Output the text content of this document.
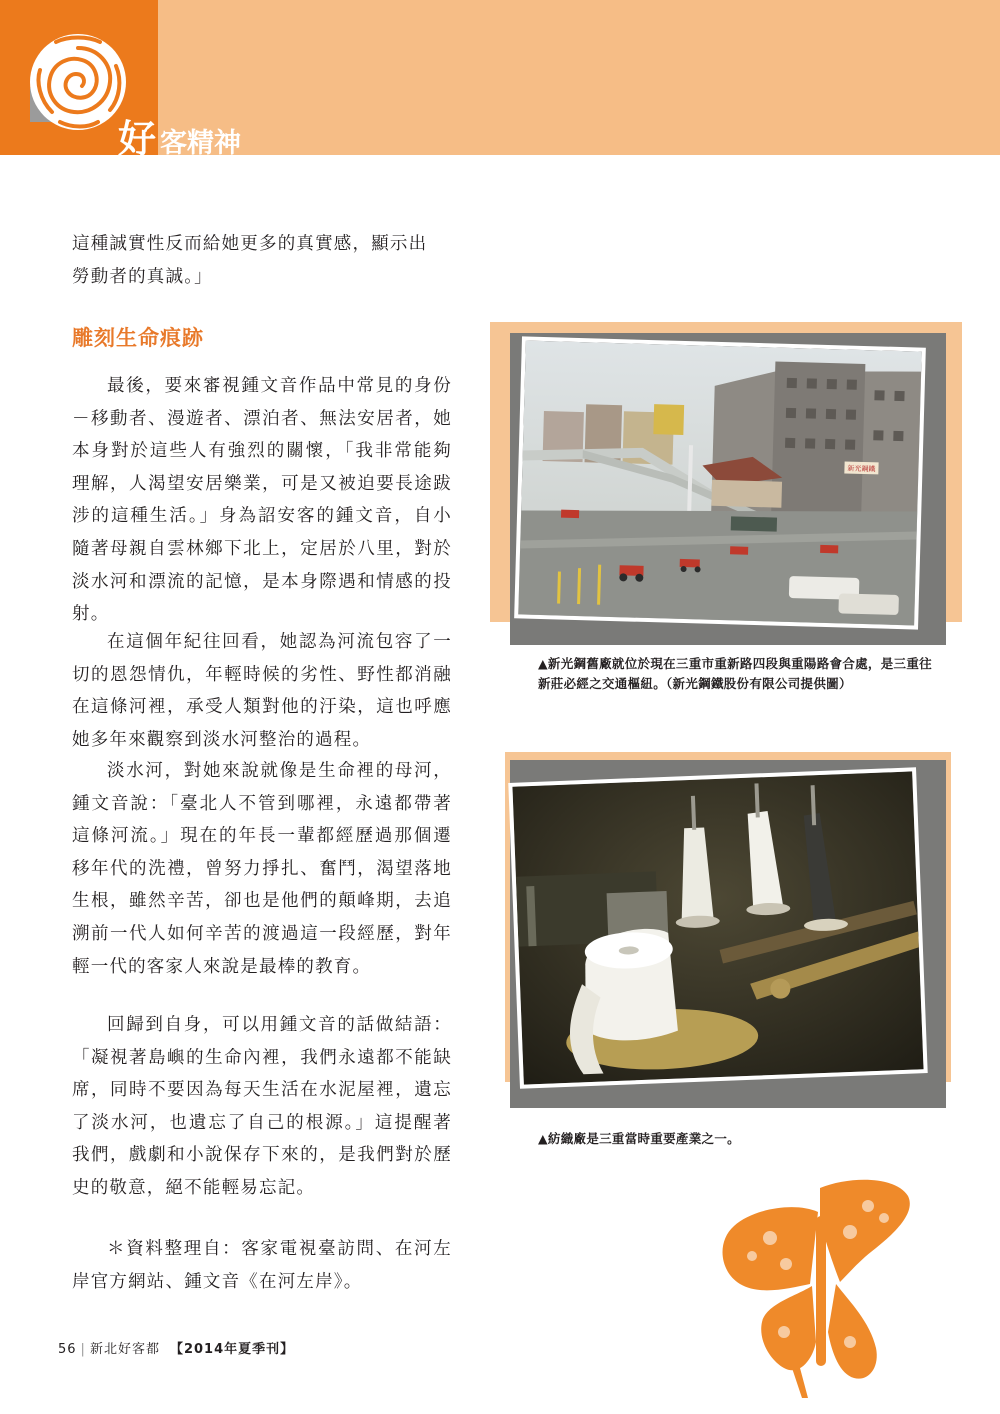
好 客精神

這種誠實性反而給她更多的真實感，顯示出
勞動者的真誠。」

雕刻生命痕跡

最後，要來審視鍾文音作品中常見的身份－移動者、漫遊者、漂泊者、無法安居者，她本身對於這些人有強烈的關懷，「我非常能夠理解，人渴望安居樂業，可是又被迫要長途跋涉的這種生活。」身為詔安客的鍾文音，自小隨著母親自雲林鄉下北上，定居於八里，對於淡水河和漂流的記憶，是本身際遇和情感的投射。

在這個年紀往回看，她認為河流包容了一切的恩怨情仇，年輕時候的劣性、野性都消融在這條河裡，承受人類對他的汙染，這也呼應她多年來觀察到淡水河整治的過程。

淡水河，對她來說就像是生命裡的母河，鍾文音說：「臺北人不管到哪裡，永遠都帶著這條河流。」現在的年長一輩都經歷過那個遷移年代的洗禮，曾努力掙扎、奮鬥，渴望落地生根，雖然辛苦，卻也是他們的顛峰期，去追溯前一代人如何辛苦的渡過這一段經歷，對年輕一代的客家人來說是最棒的教育。

回歸到自身，可以用鍾文音的話做結語：「凝視著島嶼的生命內裡，我們永遠都不能缺席，同時不要因為每天生活在水泥屋裡，遺忘了淡水河，也遺忘了自己的根源。」這提醒著我們，戲劇和小說保存下來的，是我們對於歷史的敬意，絕不能輕易忘記。

＊資料整理自：客家電視臺訪問、在河左岸官方網站、鍾文音《在河左岸》。

新光鋼鐵

▲新光鋼舊廠就位於現在三重市重新路四段與重陽路會合處，是三重往新莊必經之交通樞紐。（新光鋼鐵股份有限公司提供圖）

▲紡織廠是三重當時重要產業之一。

56 | 新北好客都 【2014年夏季刊】
